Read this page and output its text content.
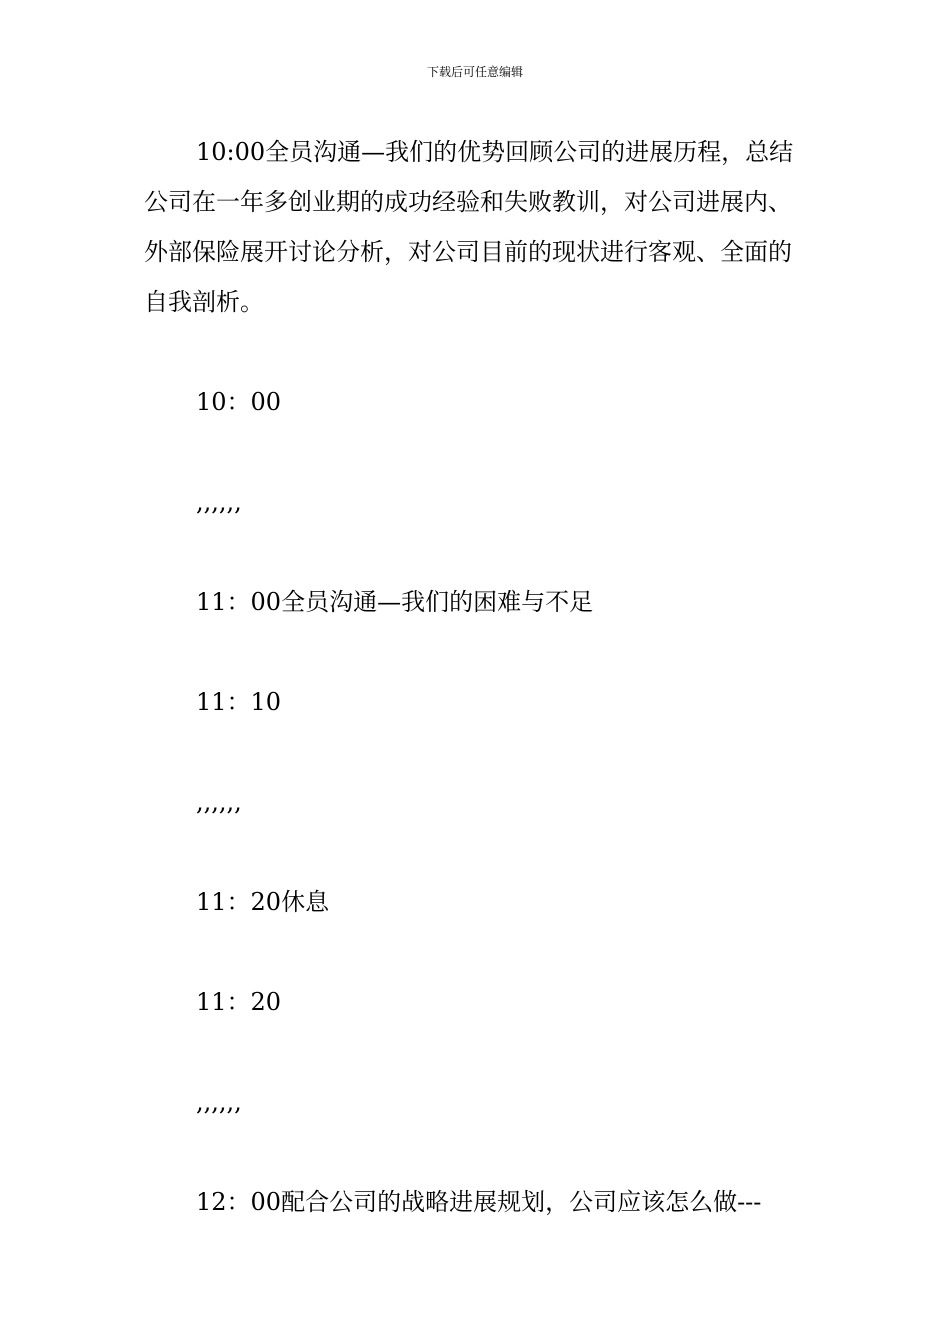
下载后可任意编辑

10:00全员沟通—我们的优势回顾公司的进展历程，总结公司在一年多创业期的成功经验和失败教训，对公司进展内、外部保险展开讨论分析，对公司目前的现状进行客观、全面的自我剖析。

10：00

,,,,,,

11：00全员沟通—我们的困难与不足

11：10

,,,,,,

11：20休息

11：20

,,,,,,

12：00配合公司的战略进展规划，公司应该怎么做---
